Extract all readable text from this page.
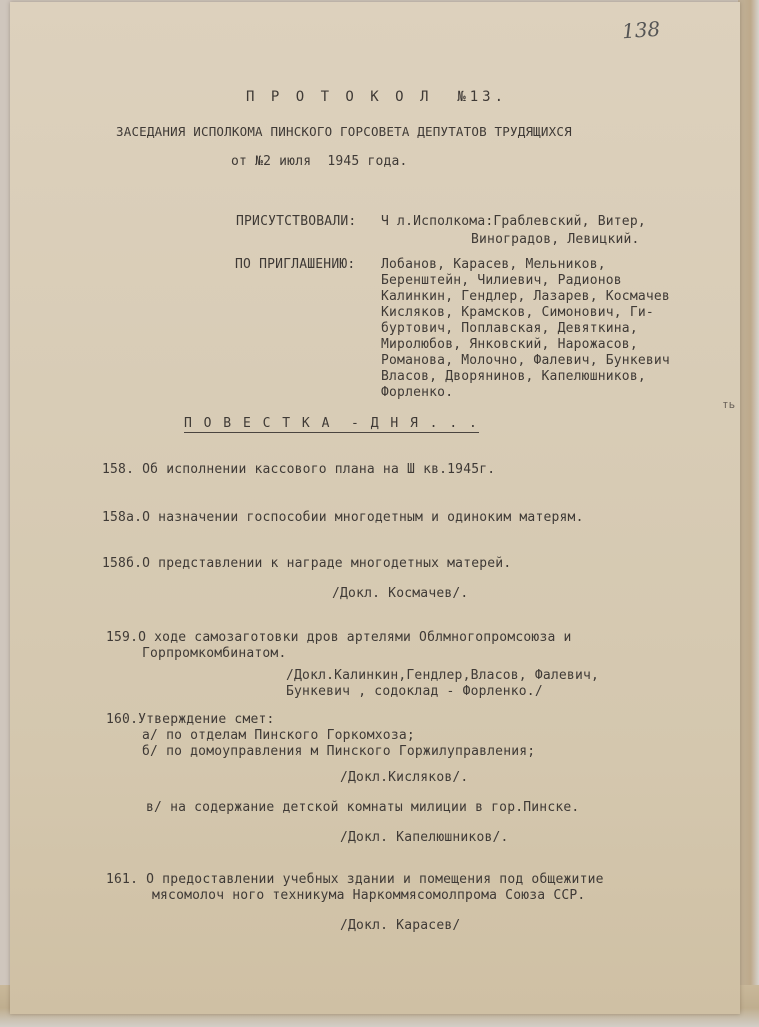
138
П Р О Т О К О Л  №13.
ЗАСЕДАНИЯ ИСПОЛКОМА ПИНСКОГО ГОРСОВЕТА ДЕПУТАТОВ ТРУДЯЩИХСЯ
от №2 июля  1945 года.
ПРИСУТСТВОВАЛИ: Ч л.Исполкома:Граблевский, Витер,
Виноградов, Левицкий.
ПО ПРИГЛАШЕНИЮ: Лобанов, Карасев, Мельников,
Беренштейн, Чилиевич, Радионов
Калинкин, Гендлер, Лазарев, Космачев
Кисляков, Крамсков, Симонович, Ги-
буртович, Поплавская, Девяткина,
Миролюбов, Янковский, Нарожасов,
Романова, Молочно, Фалевич, Бункевич
Власов, Дворянинов, Капелюшников,
Форленко.
П О В Е С Т К А  - Д Н Я . . .
158. Об исполнении кассового плана на Ш кв.1945г.
158а.О назначении госпособии многодетным и одиноким матерям.
158б.О представлении к награде многодетных матерей.
/Докл. Космачев/.
159.О ходе самозаготовки дров артелями Облмногопромсоюза и
Горпромкомбинатом.
/Докл.Калинкин,Гендлер,Власов, Фалевич,
Бункевич , содоклад - Форленко./
160.Утверждение смет:
а/ по отделам Пинского Горкомхоза;
б/ по домоуправления м Пинского Горжилуправления;
/Докл.Кисляков/.
в/ на содержание детской комнаты милиции в гор.Пинске.
/Докл. Капелюшников/.
161. О предоставлении учебных здании и помещения под общежитие
мясомолоч ного техникума Наркоммясомолпрома Союза ССР.
/Докл. Карасев/
ть
